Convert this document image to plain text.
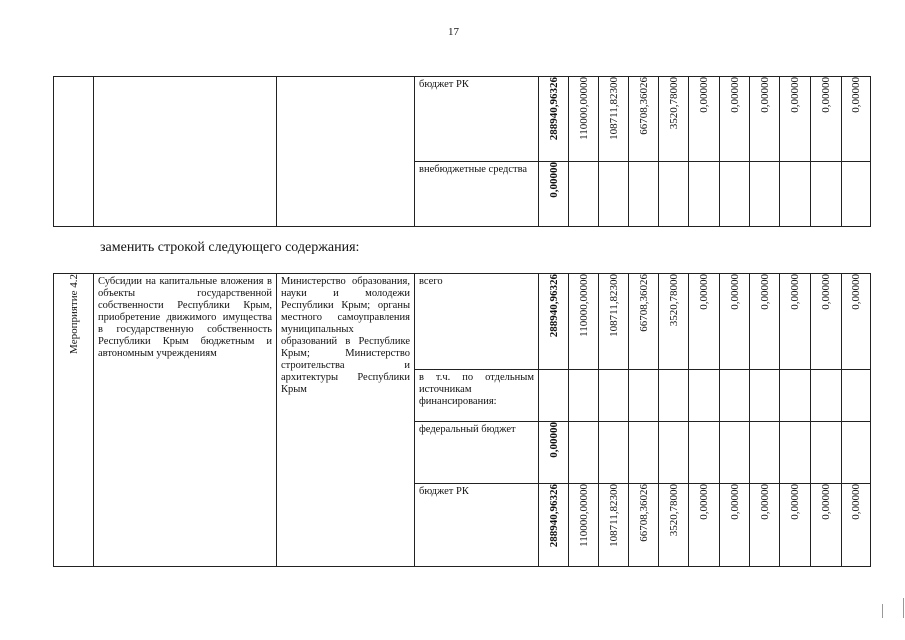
17

			бюджет РК	288940,96326	110000,00000	108711,82300	66708,36026	3520,78000	0,00000	0,00000	0,00000	0,00000	0,00000	0,00000

			внебюджетные средства	0,00000										

заменить строкой следующего содержания:
Мероприятие 4.2	Субсидии на капитальные вложения в объекты государственной собственности Республики Крым, приобретение движимого имущества в государственную собственность Республики Крым бюджетным и автономным учреждениям	Министерство образования, науки и молодежи Республики Крым; органы местного самоуправления муниципальных образований в Республике Крым; Министерство строительства и архитектуры Республики Крым	всего	288940,96326	110000,00000	108711,82300	66708,36026	3520,78000	0,00000	0,00000	0,00000	0,00000	0,00000	0,00000

			в т.ч. по отдельным источникам финансирования:											

			федеральный бюджет	0,00000										

			бюджет РК	288940,96326	110000,00000	108711,82300	66708,36026	3520,78000	0,00000	0,00000	0,00000	0,00000	0,00000	0,00000
